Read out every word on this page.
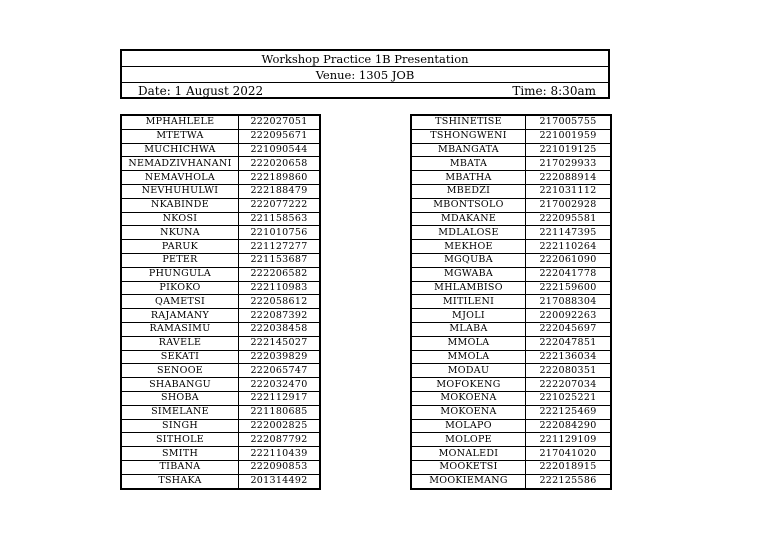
Workshop Practice 1B Presentation
Venue: 1305 JOB
Date: 1 August 2022	Time: 8:30am
MPHAHLELE	222027051
MTETWA	222095671
MUCHICHWA	221090544
NEMADZIVHANANI	222020658
NEMAVHOLA	222189860
NEVHUHULWI	222188479
NKABINDE	222077222
NKOSI	221158563
NKUNA	221010756
PARUK	221127277
PETER	221153687
PHUNGULA	222206582
PIKOKO	222110983
QAMETSI	222058612
RAJAMANY	222087392
RAMASIMU	222038458
RAVELE	222145027
SEKATI	222039829
SENOOE	222065747
SHABANGU	222032470
SHOBA	222112917
SIMELANE	221180685
SINGH	222002825
SITHOLE	222087792
SMITH	222110439
TIBANA	222090853
TSHAKA	201314492
TSHINETISE	217005755
TSHONGWENI	221001959
MBANGATA	221019125
MBATA	217029933
MBATHA	222088914
MBEDZI	221031112
MBONTSOLO	217002928
MDAKANE	222095581
MDLALOSE	221147395
MEKHOE	222110264
MGQUBA	222061090
MGWABA	222041778
MHLAMBISO	222159600
MITILENI	217088304
MJOLI	220092263
MLABA	222045697
MMOLA	222047851
MMOLA	222136034
MODAU	222080351
MOFOKENG	222207034
MOKOENA	221025221
MOKOENA	222125469
MOLAPO	222084290
MOLOPE	221129109
MONALEDI	217041020
MOOKETSI	222018915
MOOKIEMANG	222125586
